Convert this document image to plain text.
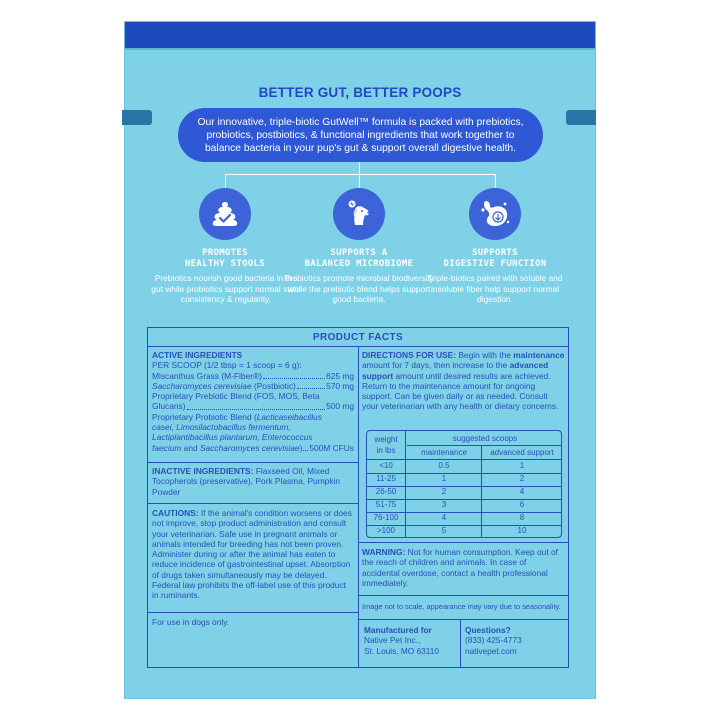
BETTER GUT, BETTER POOPS
Our innovative, triple-biotic GutWell™ formula is packed with prebiotics, probiotics, postbiotics, & functional ingredients that work together to balance bacteria in your pup's gut & support overall digestive health.
PROMOTES
HEALTHY STOOLS
Prebiotics nourish good bacteria in the gut while probiotics support normal stool consistency & regularity.
SUPPORTS A
BALANCED MICROBIOME
Probiotics promote microbial biodiversity while the prebiotic blend helps support good bacteria.
SUPPORTS
DIGESTIVE FUNCTION
Triple-biotics paired with soluble and insoluble fiber help support normal digestion.
PRODUCT FACTS
ACTIVE INGREDIENTS
PER SCOOP (1/2 tbsp = 1 scoop = 6 g):
Miscanthus Grass (M-Fiber®)	625 mg
Saccharomyces cerevisiae (Postbiotic)	570 mg
Proprietary Prebiotic Blend (FOS, MOS, Beta
Glucans)	500 mg
Proprietary Probiotic Blend (Lacticaseibacillus
casei, Limosilactobacillus fermentum,
Lactiplantibacillus plantarum, Enterococcus
faecium and Saccharomyces cerevisiae) 500M CFUs
INACTIVE INGREDIENTS: Flaxseed Oil, Mixed Tocopherols (preservative), Pork Plasma, Pumpkin Powder
CAUTIONS: If the animal's condition worsens or does not improve, stop product administration and consult your veterinarian. Safe use in pregnant animals or animals intended for breeding has not been proven. Administer during or after the animal has eaten to reduce incidence of gastrointestinal upset. Absorption of drugs taken simultaneously may be delayed. Federal law prohibits the off-label use of this product in ruminants.
For use in dogs only.
DIRECTIONS FOR USE: Begin with the maintenance amount for 7 days, then increase to the advanced support amount until desired results are achieved. Return to the maintenance amount for ongoing support. Can be given daily or as needed. Consult your veterinarian with any health or dietary concerns.
weight
in lbs
suggested scoops
maintenance	advanced support
<10	0.5	1
11-25	1	2
26-50	2	4
51-75	3	6
76-100	4	8
>100	5	10
WARNING: Not for human consumption. Keep out of the reach of children and animals. In case of accidental overdose, contact a health professional immediately.
Image not to scale, appearance may vary due to seasonality.
Manufactured for
Native Pet Inc.,
St. Louis, MO 63110
Questions?
(833) 425-4773
nativepet.com
